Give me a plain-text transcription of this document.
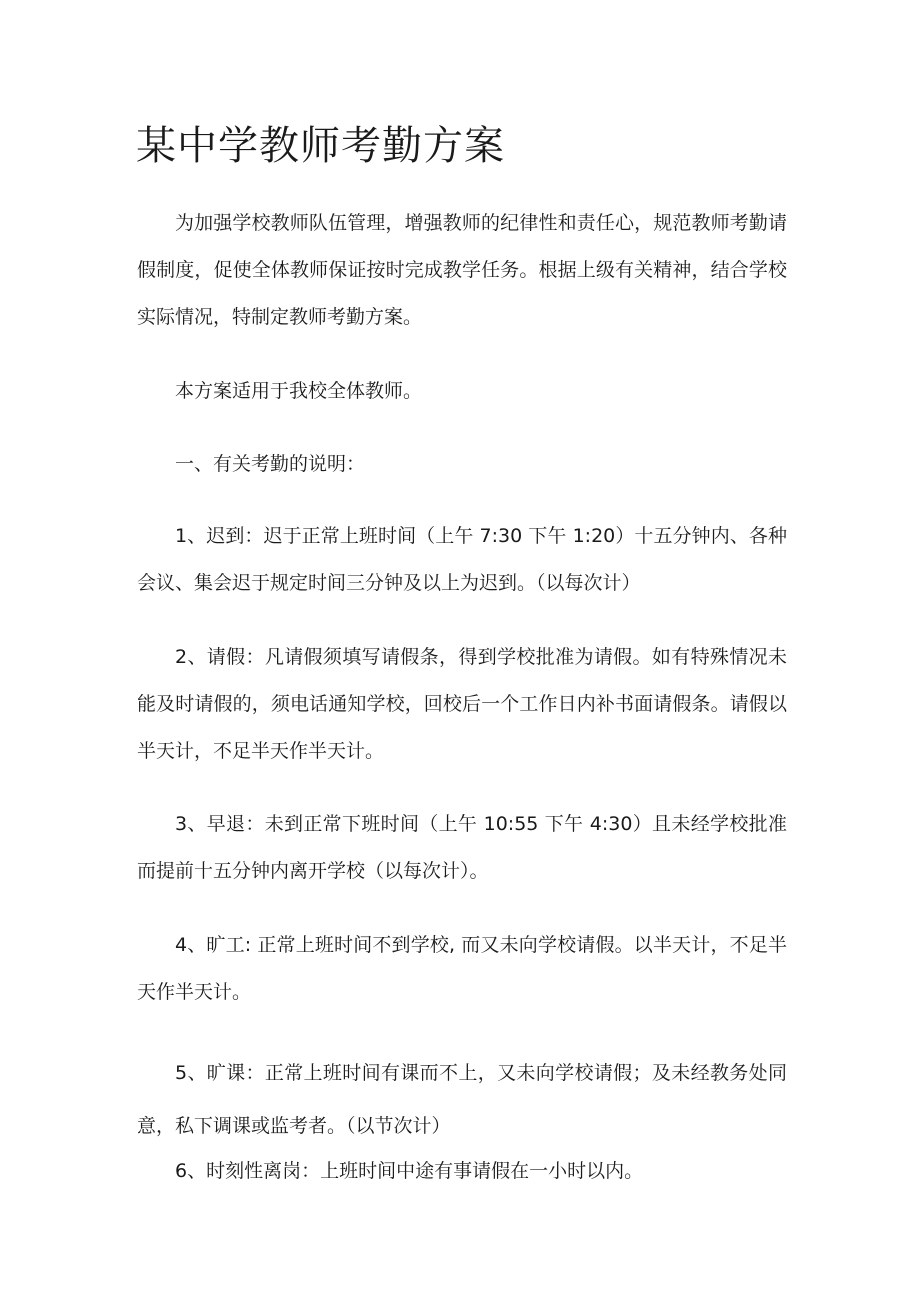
某中学教师考勤方案

为加强学校教师队伍管理，增强教师的纪律性和责任心，规范教师考勤请假制度，促使全体教师保证按时完成教学任务。根据上级有关精神，结合学校实际情况，特制定教师考勤方案。

本方案适用于我校全体教师。

一、有关考勤的说明：

1、迟到：迟于正常上班时间（上午 7:30 下午 1:20）十五分钟内、各种会议、集会迟于规定时间三分钟及以上为迟到。（以每次计）

2、请假：凡请假须填写请假条，得到学校批准为请假。如有特殊情况未能及时请假的，须电话通知学校，回校后一个工作日内补书面请假条。请假以半天计，不足半天作半天计。

3、早退：未到正常下班时间（上午 10:55 下午 4:30）且未经学校批准而提前十五分钟内离开学校（以每次计）。

4、旷工: 正常上班时间不到学校, 而又未向学校请假。以半天计，不足半天作半天计。

5、旷课：正常上班时间有课而不上，又未向学校请假；及未经教务处同意，私下调课或监考者。（以节次计）

6、时刻性离岗：上班时间中途有事请假在一小时以内。
